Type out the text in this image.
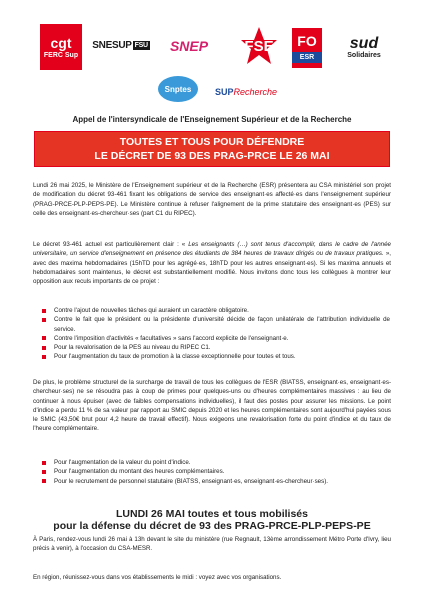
cgt
FERC Sup
SNESUP FSU SNEP FSE FO
ESR
sud
Solidaires
Snptes	SUP Recherche
Appel de l'intersyndicale de l'Enseignement Supérieur et de la Recherche
TOUTES ET TOUS POUR DÉFENDRE
LE DÉCRET DE 93 DES PRAG-PRCE LE 26 MAI
Lundi 26 mai 2025, le Ministère de l'Enseignement supérieur et de la Recherche (ESR) présentera au CSA ministériel son projet de modification du décret 93-461 fixant les obligations de service des enseignant·es affecté·es dans l'enseignement supérieur (PRAG-PRCE-PLP-PEPS-PE). Le Ministère continue à refuser l'alignement de la prime statutaire des enseignant·es (PES) sur celle des enseignant·es-chercheur·ses (part C1 du RIPEC).
Le décret 93-461 actuel est particulièrement clair : « Les enseignants (…) sont tenus d'accomplir, dans le cadre de l'année universitaire, un service d'enseignement en présence des étudiants de 384 heures de travaux dirigés ou de travaux pratiques. », avec des maxima hebdomadaires (15hTD pour les agrégé·es, 18hTD pour les autres enseignant·es). Si les maxima annuels et hebdomadaires sont maintenus, le décret est substantiellement modifié. Nous invitons donc tous les collègues à montrer leur opposition aux reculs importants de ce projet :
Contre l'ajout de nouvelles tâches qui auraient un caractère obligatoire.
Contre le fait que le président ou la présidente d'université décide de façon unilatérale de l'attribution individuelle de service.
Contre l'imposition d'activités « facultatives » sans l'accord explicite de l'enseignant·e.
Pour la revalorisation de la PES au niveau du RIPEC C1.
Pour l'augmentation du taux de promotion à la classe exceptionnelle pour toutes et tous.
De plus, le problème structurel de la surcharge de travail de tous les collègues de l'ESR (BIATSS, enseignant·es, enseignant·es-chercheur·ses) ne se résoudra pas à coup de primes pour quelques-uns ou d'heures complémentaires massives : au lieu de continuer à nous épuiser (avec de faibles compensations individuelles), il faut des postes pour assurer les missions. Le point d'indice a perdu 11 % de sa valeur par rapport au SMIC depuis 2020 et les heures complémentaires sont aujourd'hui payées sous le SMIC (43,50€ brut pour 4,2 heure de travail effectif). Nous exigeons une revalorisation forte du point d'indice et du taux de l'heure complémentaire.
Pour l'augmentation de la valeur du point d'indice.
Pour l'augmentation du montant des heures complémentaires.
Pour le recrutement de personnel statutaire (BIATSS, enseignant·es, enseignant·es-chercheur·ses).
LUNDI 26 MAI toutes et tous mobilisés
pour la défense du décret de 93 des PRAG-PRCE-PLP-PEPS-PE
À Paris, rendez-vous lundi 26 mai à 13h devant le site du ministère (rue Regnault, 13ème arrondissement Métro Porte d'Ivry, lieu précis à venir), à l'occasion du CSA-MESR.
En région, réunissez-vous dans vos établissements le midi : voyez avec vos organisations.
